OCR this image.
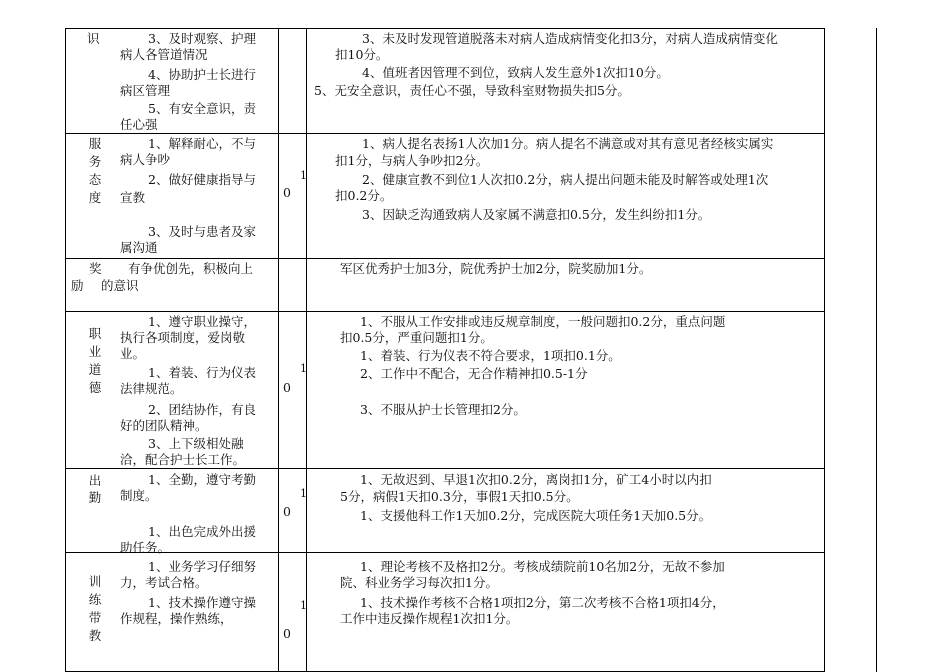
识	3、及时观察、护理
病人各管道情况
4、协助护士长进行
病区管理
5、有安全意识，责
任心强
3、未及时发现管道脱落未对病人造成病情变化扣3分，对病人造成病情变化
扣10分。
4、值班者因管理不到位，致病人发生意外1次扣10分。
5、无安全意识，责任心不强，导致科室财物损失扣5分。
服
务
态
度
1、解释耐心，不与
病人争吵
2、做好健康指导与
宣教
3、及时与患者及家
属沟通
1
0
1、病人提名表扬1人次加1分。病人提名不满意或对其有意见者经核实属实
扣1分，与病人争吵扣2分。
2、健康宣教不到位1人次扣0.2分，病人提出问题未能及时解答或处理1次
扣0.2分。
3、因缺乏沟通致病人及家属不满意扣0.5分，发生纠纷扣1分。
奖
励
有争优创先，积极向上
的意识
军区优秀护士加3分，院优秀护士加2分，院奖励加1分。
职
业
道
德
1、遵守职业操守，
执行各项制度，爱岗敬
业。
1、着装、行为仪表
法律规范。
2、团结协作，有良
好的团队精神。
3、上下级相处融
洽，配合护士长工作。
1
0
1、不服从工作安排或违反规章制度，一般问题扣0.2分，重点问题
扣0.5分，严重问题扣1分。
1、着装、行为仪表不符合要求，1项扣0.1分。
2、工作中不配合，无合作精神扣0.5-1分
3、不服从护士长管理扣2分。
出
勤
1、全勤，遵守考勤
制度。
1、出色完成外出援
助任务。
1
0
1、无故迟到、早退1次扣0.2分，离岗扣1分，矿工4小时以内扣
5分，病假1天扣0.3分，事假1天扣0.5分。
1、支援他科工作1天加0.2分，完成医院大项任务1天加0.5分。
训
练
带
教
1、业务学习仔细努
力，考试合格。
1、技术操作遵守操
作规程，操作熟练，
1
0
1、理论考核不及格扣2分。考核成绩院前10名加2分，无故不参加
院、科业务学习每次扣1分。
1、技术操作考核不合格1项扣2分，第二次考核不合格1项扣4分，
工作中违反操作规程1次扣1分。
